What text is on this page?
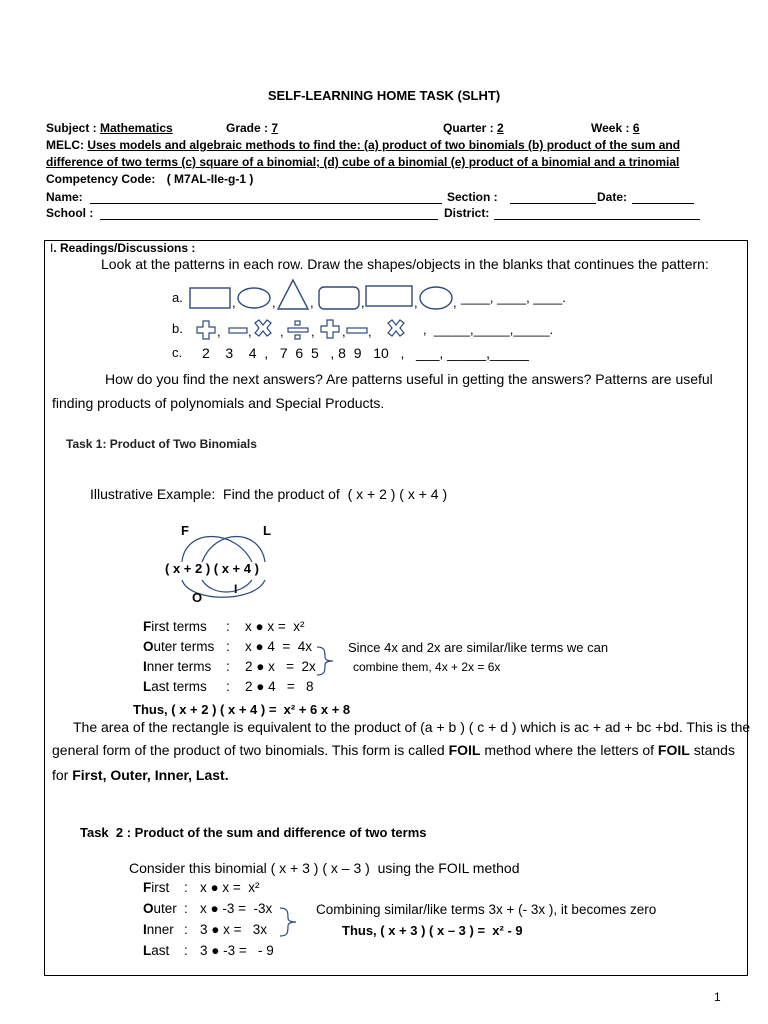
SELF-LEARNING HOME TASK (SLHT)
Subject : Mathematics	Grade : 7	Quarter : 2	Week : 6
MELC: Uses models and algebraic methods to find the: (a) product of two binomials (b) product of the sum and
difference of two terms (c) square of a binomial; (d) cube of a binomial (e) product of a binomial and a trinomial
Competency Code: ( M7AL-IIe-g-1 )
Name:	Section :	Date:
School :	District:
I. Readings/Discussions :
Look at the patterns in each row. Draw the shapes/objects in the blanks that continues the pattern:
a.	,	,	,	,	,	, ____, ____, ____.
b.	, , , , , ,	,  _____,_____,_____.
c. 2    3    4  ,   7  6  5   , 8  9   10   ,   ___, _____,_____
How do you find the next answers? Are patterns useful in getting the answers? Patterns are useful
finding products of polynomials and Special Products.
Task 1: Product of Two Binomials
Illustrative Example:  Find the product of  ( x + 2 ) ( x + 4 )
F	L
( x + 2 ) ( x + 4 )
O
I
First terms : x ● x =  x²
Outer terms : x ● 4  =  4x
Inner terms : 2 ● x   =  2x
Last terms : 2 ● 4   =   8
Since 4x and 2x are similar/like terms we can
combine them, 4x + 2x = 6x
Thus, ( x + 2 ) ( x + 4 ) =  x² + 6 x + 8
The area of the rectangle is equivalent to the product of (a + b ) ( c + d ) which is ac + ad + bc +bd. This is the
general form of the product of two binomials. This form is called FOIL method where the letters of FOIL stands
for First, Outer, Inner, Last.
Task  2 : Product of the sum and difference of two terms
Consider this binomial ( x + 3 ) ( x – 3 )  using the FOIL method
First : x ● x =  x²
Outer : x ● -3 =  -3x
Inner : 3 ● x =   3x
Last : 3 ● -3 =   - 9
Combining similar/like terms 3x + (- 3x ), it becomes zero
Thus, ( x + 3 ) ( x – 3 ) =  x² - 9
1
